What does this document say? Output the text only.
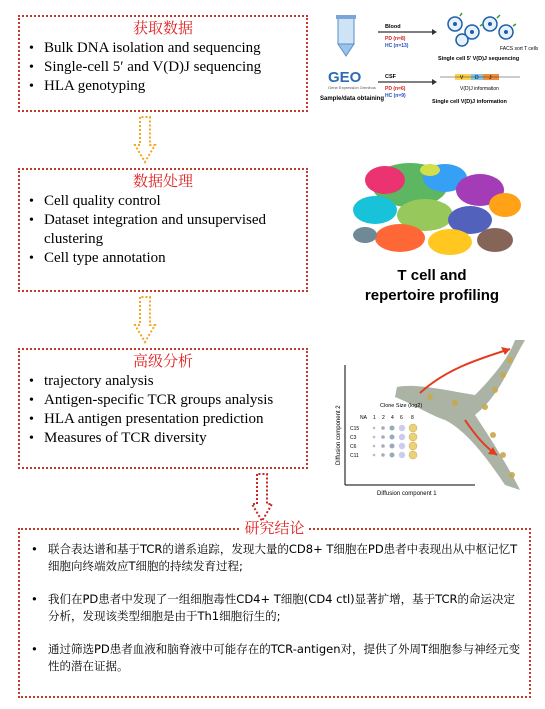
获取数据
• Bulk DNA isolation and sequencing
• Single-cell 5′ and V(D)J sequencing
• HLA genotyping
数据处理
• Cell quality control
• Dataset integration and unsupervised clustering
• Cell type annotation
高级分析
• trajectory analysis
• Antigen-specific TCR groups analysis
• HLA antigen presentation prediction
• Measures of TCR diversity
研究结论
• 联合表达谱和基于TCR的谱系追踪，发现大量的CD8+ T细胞在PD患者中表现出从中枢记忆T细胞向终端效应T细胞的持续发育过程;
• 我们在PD患者中发现了一组细胞毒性CD4+ T细胞(CD4 ctl)显著扩增，基于TCR的命运决定分析，发现该类型细胞是由于Th1细胞衍生的;
• 通过筛选PD患者血液和脑脊液中可能存在的TCR-antigen对，提供了外周T细胞参与神经元变性的潜在证据。
GEO
Gene Expression Omnibus
Sample/data obtaining
Blood
PD (n=8)
HC (n=13)
CSF
PD (n=6)
HC (n=9)
FACS sort T cells
Single cell 5' V(D)J sequencing
V D J
V(D)J information
Single cell V(D)J information
T cell and
repertoire profiling
Diffusion component 1
Diffusion component 2	Clone Size (log2)
NA 1 2 4 6 8
C15
C3
C6
C11
